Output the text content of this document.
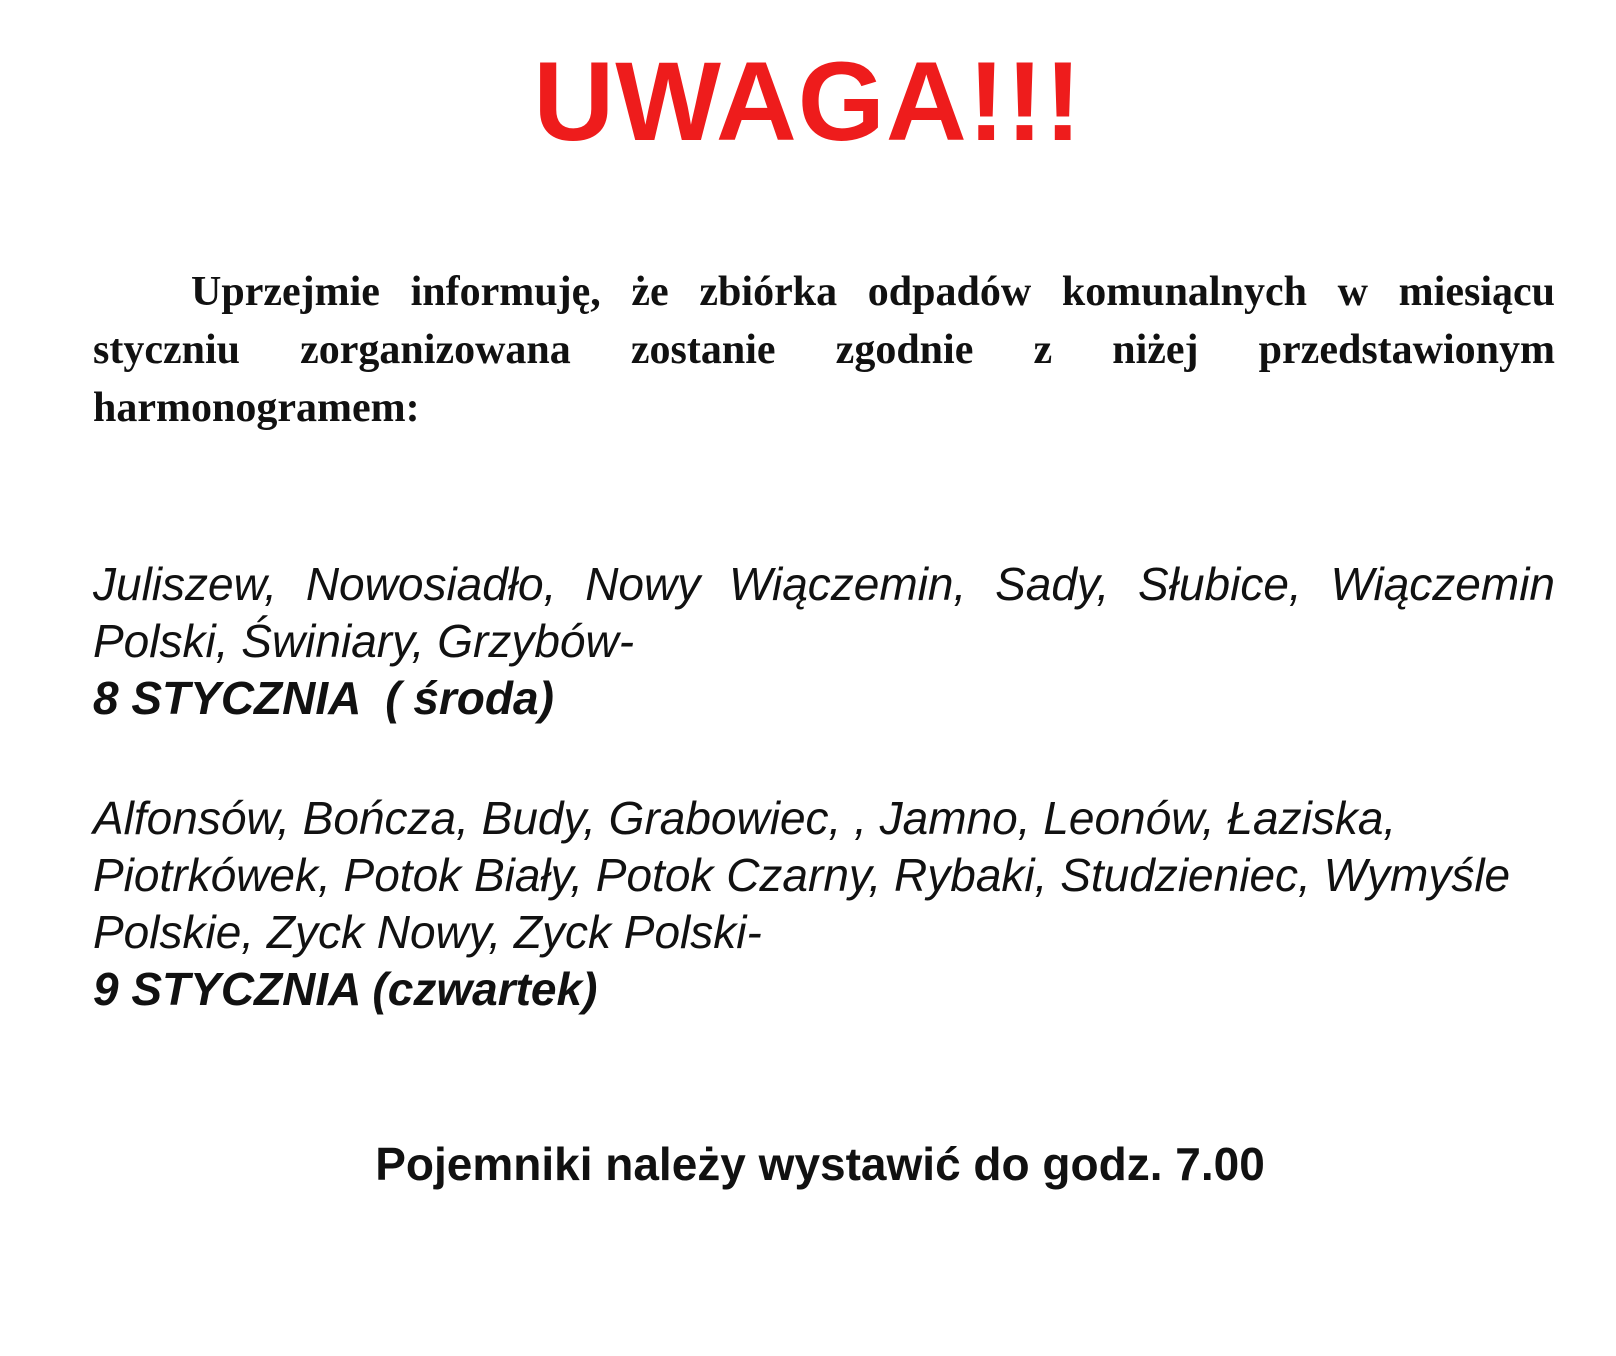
UWAGA!!!
Uprzejmie informuję, że zbiórka odpadów komunalnych w miesiącu styczniu zorganizowana zostanie zgodnie z niżej przedstawionym harmonogramem:
Juliszew, Nowosiadło, Nowy Wiączemin, Sady, Słubice, Wiączemin Polski, Świniary, Grzybów-
8 STYCZNIA  ( środa)
Alfonsów, Bończa, Budy, Grabowiec, , Jamno, Leonów, Łaziska, Piotrkówek, Potok Biały, Potok Czarny, Rybaki, Studzieniec, Wymyśle Polskie, Zyck Nowy, Zyck Polski-
9 STYCZNIA (czwartek)
Pojemniki należy wystawić do godz. 7.00
